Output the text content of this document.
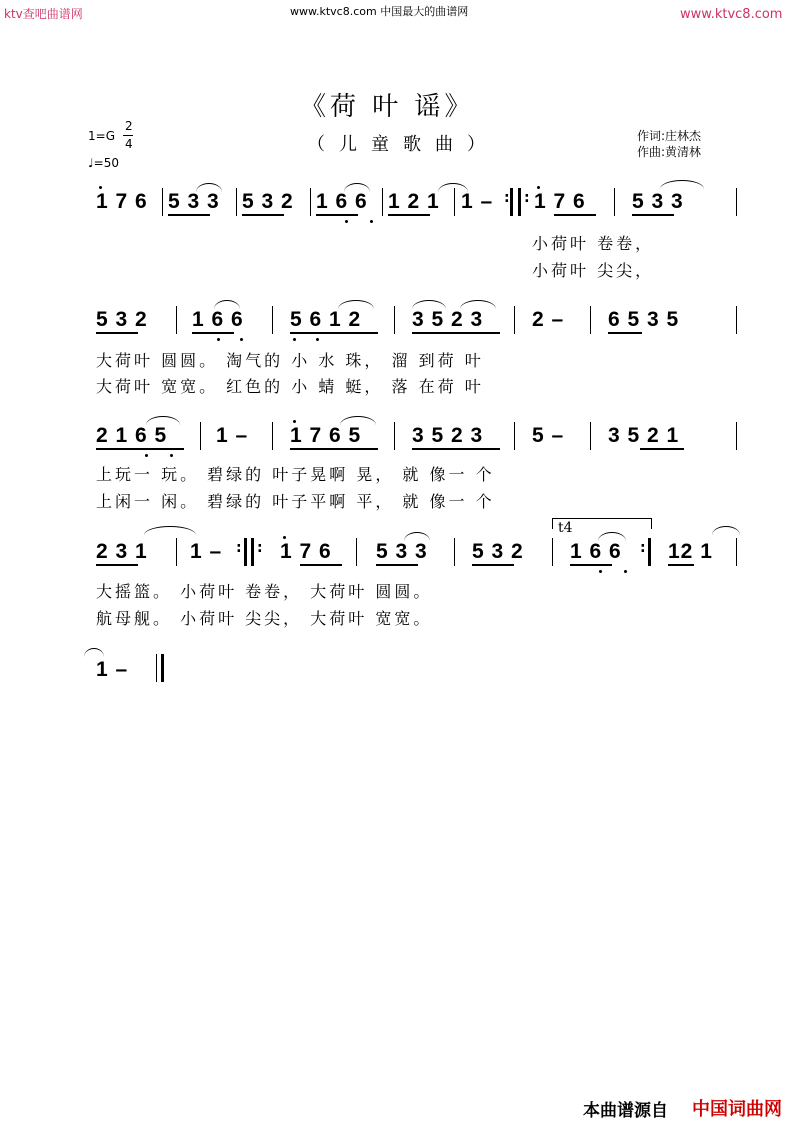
ktv查吧曲谱网	www.ktvc8.com 中国最大的曲谱网	www.ktvc8.com
《荷 叶 谣》
（儿童歌曲）
1=G
2
4
♩=50
作词:庄林杰
作曲:黄清林
1 7 6 5 3 3 5 3 2 1 6 6 1 2 1 1 – : : 1 7 6 5 3 3
小荷叶 卷卷，
小荷叶 尖尖，
5 3 2 1 6 6 5 6 1 2 3 5 2 3 2 – 6 5 3 5
大荷叶 圆圆。 淘气的 小 水 珠， 溜 到荷 叶
大荷叶 宽宽。 红色的 小 蜻 蜓， 落 在荷 叶
2 1 6 5 1 – 1 7 6 5 3 5 2 3 5 – 3 5 2 1
上玩一 玩。 碧绿的 叶子晃啊 晃， 就 像一 个
上闲一 闲。 碧绿的 叶子平啊 平， 就 像一 个
2 3 1 1 – : : 1 7 6 5 3 3 5 3 2
t4
1 6 6 : 12 1
大摇篮。 小荷叶 卷卷， 大荷叶 圆圆。
航母舰。 小荷叶 尖尖， 大荷叶 宽宽。
1 –
本曲谱源自 中国词曲网
